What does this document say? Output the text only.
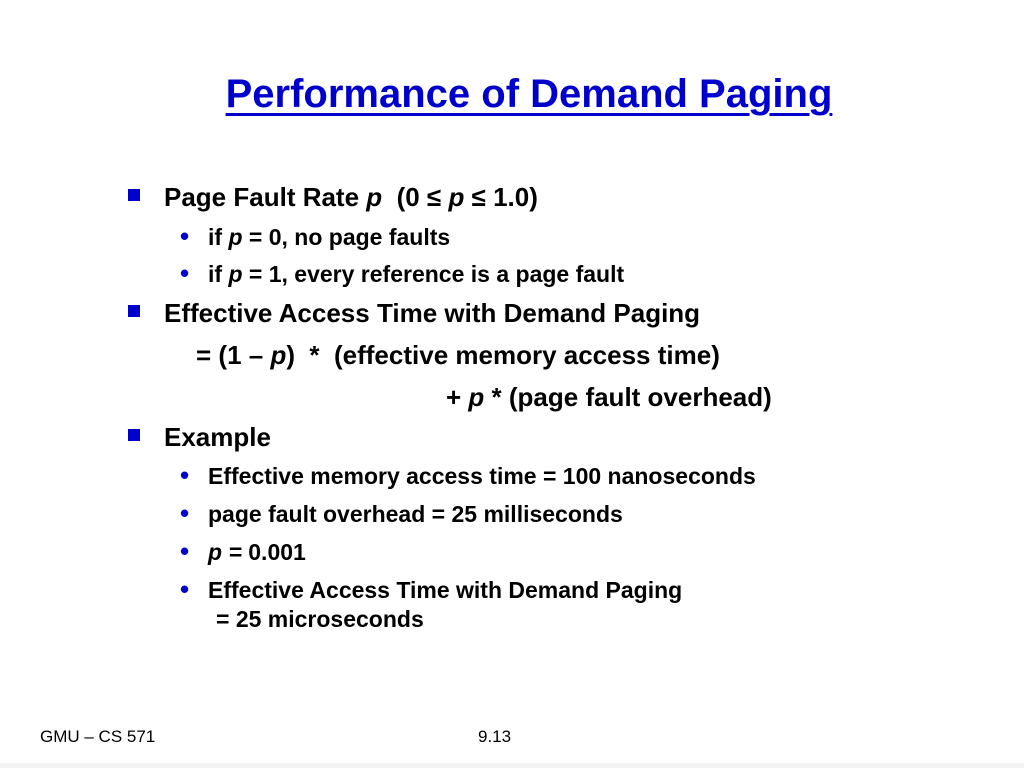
Performance of Demand Paging
Page Fault Rate p  (0 ≤ p ≤ 1.0)
• if p = 0, no page faults
• if p = 1, every reference is a page fault
Effective Access Time with Demand Paging
= (1 – p)  *  (effective memory access time)
+ p * (page fault overhead)
Example
• Effective memory access time = 100 nanoseconds
• page fault overhead = 25 milliseconds
• p = 0.001
• Effective Access Time with Demand Paging
= 25 microseconds
GMU – CS 571	9.13
